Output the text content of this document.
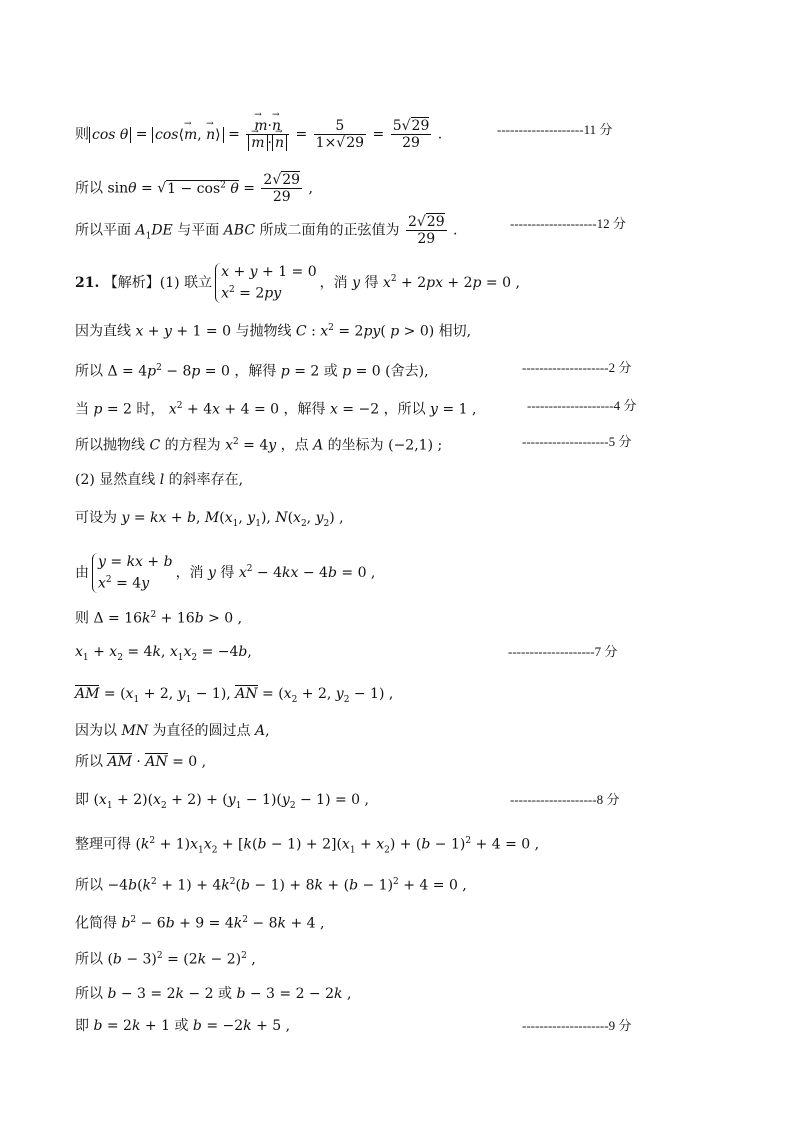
则 cos θ = cos⟨→ m, → n⟩ =
→ m·→ n
→ $m \cdot\to n = \frac{5}{1\times√29} = \frac{5√29}{29}$ .	--------------------11 分
所以 $\sin\theta = √1 - \cos^2 \theta = \frac{2√29}{29}$ ,
所以平面 $A_1DE$ 与平面 ABC 所成二面角的正弦值为 $\frac{2√29}{29}$ .	--------------------12 分
21. 【解析】(1) 联立
x + y + 1 = 0
$x^2 = 2py$
，消 y 得 $x^2 + 2px + 2p = 0$ ,
因为直线 x + y + 1 = 0 与抛物线 C : $x^2 = 2py$( p > 0) 相切,
所以 $\Delta = 4p^2 - 8p = 0$ ，解得 p = 2 或 p = 0 (舍去),	--------------------2 分
当 p = 2 时， $x^2 + 4x + 4 = 0$ ，解得 x = −2 ，所以 y = 1 ,	--------------------4 分
所以抛物线 C 的方程为 $x^2 = 4y$ ，点 A 的坐标为 (−2,1) ;	--------------------5 分
(2) 显然直线 l 的斜率存在,
可设为 y = kx + b, $M(x_1$, $y_1$), $N(x_2$, $y_2$) ,
由
y = kx + b
$x^2 = 4y$
，消 y 得 $x^2 - 4kx - 4b = 0$ ,
则 $\Delta = 16k^2 + 16b > 0$ ,
$x_1 + x_2 = 4k$, $x_1x_2 = -4b$,	--------------------7 分
AM = ($x_1 + 2$, $y_1 - 1$), AN = ($x_2 + 2$, $y_2 - 1$) ,
因为以 MN 为直径的圆过点 A,
所以 AM · AN = 0 ,
即 $(x_1 + 2)(x_2 + 2) + (y_1 - 1)(y_2 - 1) = 0$ ,	--------------------8 分
整理可得 $(k^2 + 1)x_1x_2 + [k(b - 1) + 2](x_1 + x_2) + (b - 1)^2 + 4 = 0$ ,
所以 $-4b(k^2 + 1) + 4k^2(b - 1) + 8k + (b - 1)^2 + 4 = 0$ ,
化简得 $b^2 - 6b + 9 = 4k^2 - 8k + 4$ ,
所以 $(b - 3)^2 = (2k - 2)^2$ ,
所以 b − 3 = 2k − 2 或 b − 3 = 2 − 2k ,
即 b = 2k + 1 或 b = −2k + 5 ,	--------------------9 分
